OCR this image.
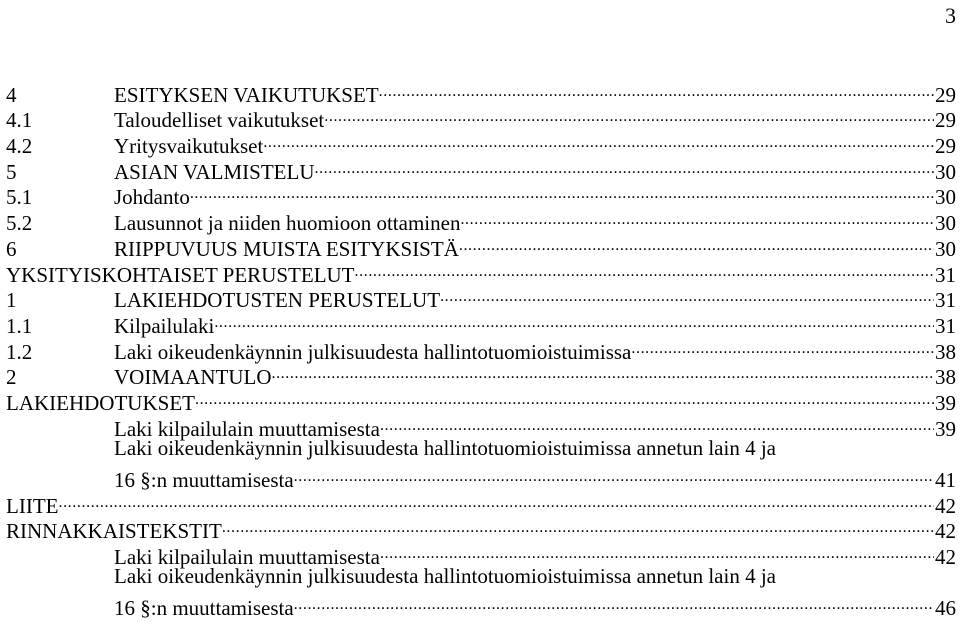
3
4	ESITYKSEN VAIKUTUKSET .....	29
4.1	Taloudelliset vaikutukset .....	29
4.2	Yritysvaikutukset .....	29
5	ASIAN VALMISTELU .....	30
5.1	Johdanto .....	30
5.2	Lausunnot ja niiden huomioon ottaminen .....	30
6	RIIPPUVUUS MUISTA ESITYKSISTÄ .....	30
YKSITYISKOHTAISET PERUSTELUT .....	31
1	LAKIEHDOTUSTEN PERUSTELUT .....	31
1.1	Kilpailulaki .....	31
1.2	Laki oikeudenkäynnin julkisuudesta hallintotuomioistuimissa .....	38
2	VOIMAANTULO .....	38
LAKIEHDOTUKSET .....	39
Laki kilpailulain muuttamisesta .....	39
Laki oikeudenkäynnin julkisuudesta hallintotuomioistuimissa annetun lain 4 ja
16 §:n muuttamisesta .....	41
LIITE .....	42
RINNAKKAISTEKSTIT .....	42
Laki kilpailulain muuttamisesta .....	42
Laki oikeudenkäynnin julkisuudesta hallintotuomioistuimissa annetun lain 4 ja
16 §:n muuttamisesta .....	46
